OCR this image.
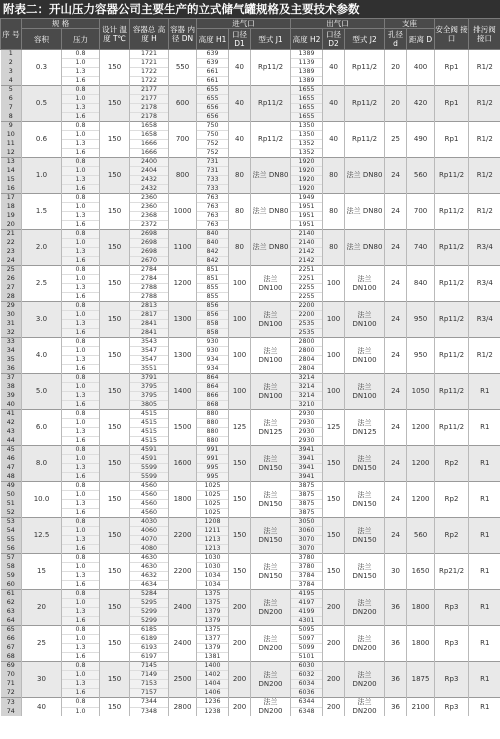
附表二：开山压力容器公司主要生产的立式储气罐规格及主要技术参数
序 号	规 格		设计 温度 T℃	容器总 高度 H	容器 内径 DN	进气口			出气口			支座		安全阀 接口	排污阀 接口
	容积	压力				高度 H1	口径 D1	型式 J1	高度 H2	口径 D2	型式 J2	孔径 d	距离 D		
1	0.3	0.8	150	1721	550	639	40	Rp11/2	1389	40	Rp11/2	20	400	Rp1	R1/2
2		1.0		1721		639			1139						
3		1.3		1722		661			1389						
4		1.6		1722		661			1389						
5	0.5	0.8	150	2177	600	655	40	Rp11/2	1655	40	Rp11/2	20	420	Rp1	R1/2
6		1.0		2177		655			1655						
7		1.3		2178		656			1655						
8		1.6		2178		656			1655						
9	0.6	0.8	150	1658	700	750	40	Rp11/2	1350	40	Rp11/2	25	490	Rp1	R1/2
10		1.0		1658		750			1350						
11		1.3		1666		752			1352						
12		1.6		1666		752			1352						
13	1.0	0.8	150	2400	800	731	80	法兰 DN80	1920	80	法兰 DN80	24	560	Rp11/2	R1/2
14		1.0		2404		731			1920						
15		1.3		2432		733			1920						
16		1.6		2432		733			1920						
17	1.5	0.8	150	2360	1000	763	80	法兰 DN80	1949	80	法兰 DN80	24	700	Rp11/2	R1/2
18		1.0		2360		763			1951						
19		1.3		2368		763			1951						
20		1.6		2372		763			1951						
21	2.0	0.8	150	2698	1100	840	80	法兰 DN80	2140	80	法兰 DN80	24	740	Rp11/2	R3/4
22		1.0		2698		840			2140						
23		1.3		2698		842			2142						
24		1.6		2670		842			2142						
25	2.5	0.8	150	2784	1200	851	100	法兰 DN100	2251	100	法兰 DN100	24	840	Rp11/2	R3/4
26		1.0		2784		851			2251						
27		1.3		2788		855			2255						
28		1.6		2788		855			2255						
29	3.0	0.8	150	2813	1300	856	100	法兰 DN100	2200	100	法兰 DN100	24	950	Rp11/2	R3/4
30		1.0		2817		856			2200						
31		1.3		2841		858			2535						
32		1.6		2841		858			2535						
33	4.0	0.8	150	3543	1300	930	100	法兰 DN100	2800	100	法兰 DN100	24	950	Rp11/2	R1/2
34		1.0		3547		930			2800						
35		1.3		3547		934			2804						
36		1.6		3551		934			2804						
37	5.0	0.8	150	3791	1400	864	100	法兰 DN100	3214	100	法兰 DN100	24	1050	Rp11/2	R1
38		1.0		3795		864			3214						
39		1.3		3795		866			3214						
40		1.6		3805		868			3210						
41	6.0	0.8	150	4515	1500	880	125	法兰 DN125	2930	125	法兰 DN125	24	1200	Rp11/2	R1
42		1.0		4515		880			2930						
43		1.3		4515		880			2930						
44		1.6		4515		880			2930						
45	8.0	0.8	150	4591	1600	991	150	法兰 DN150	3941	150	法兰 DN150	24	1200	Rp2	R1
46		1.0		4591		991			3941						
47		1.3		5599		995			3941						
48		1.6		5599		995			3941						
49	10.0	0.8	150	4560	1800	1025	150	法兰 DN150	3875	150	法兰 DN150	24	1200	Rp2	R1
50		1.0		4560		1025			3875						
51		1.3		4560		1025			3875						
52		1.6		4560		1025			3875						
53	12.5	0.8	150	4030	2200	1208	150	法兰 DN150	3050	150	法兰 DN150	24	560	Rp2	R1
54		1.0		4060		1211			3060						
55		1.3		4070		1213			3070						
56		1.6		4080		1213			3070						
57	15	0.8	150	4630	2200	1030	150	法兰 DN150	3780	150	法兰 DN150	30	1650	Rp21/2	R1
58		1.0		4630		1030			3780						
59		1.3		4632		1034			3784						
60		1.6		4634		1034			3784						
61	20	0.8	150	5284	2400	1375	200	法兰 DN200	4195	200	法兰 DN200	36	1800	Rp3	R1
62		1.0		5295		1375			4197						
63		1.3		5299		1379			4199						
64		1.6		5299		1379			4301						
65	25	0.8	150	6185	2400	1375	200	法兰 DN200	5095	200	法兰 DN200	36	1800	Rp3	R1
66		1.0		6189		1377			5097						
67		1.3		6193		1379			5099						
68		1.6		6197		1381			5101						
69	30	0.8	150	7145	2500	1400	200	法兰 DN200	6030	200	法兰 DN200	36	1875	Rp3	R1
70		1.0		7149		1402			6032						
71		1.3		7153		1404			6034						
72		1.6		7157		1406			6036						
73	40	0.8	150	7344	2800	1236	200	法兰 DN200	6344	200	法兰 DN200	36	2100	Rp3	R1
74		1.0		7348		1238			6348						
